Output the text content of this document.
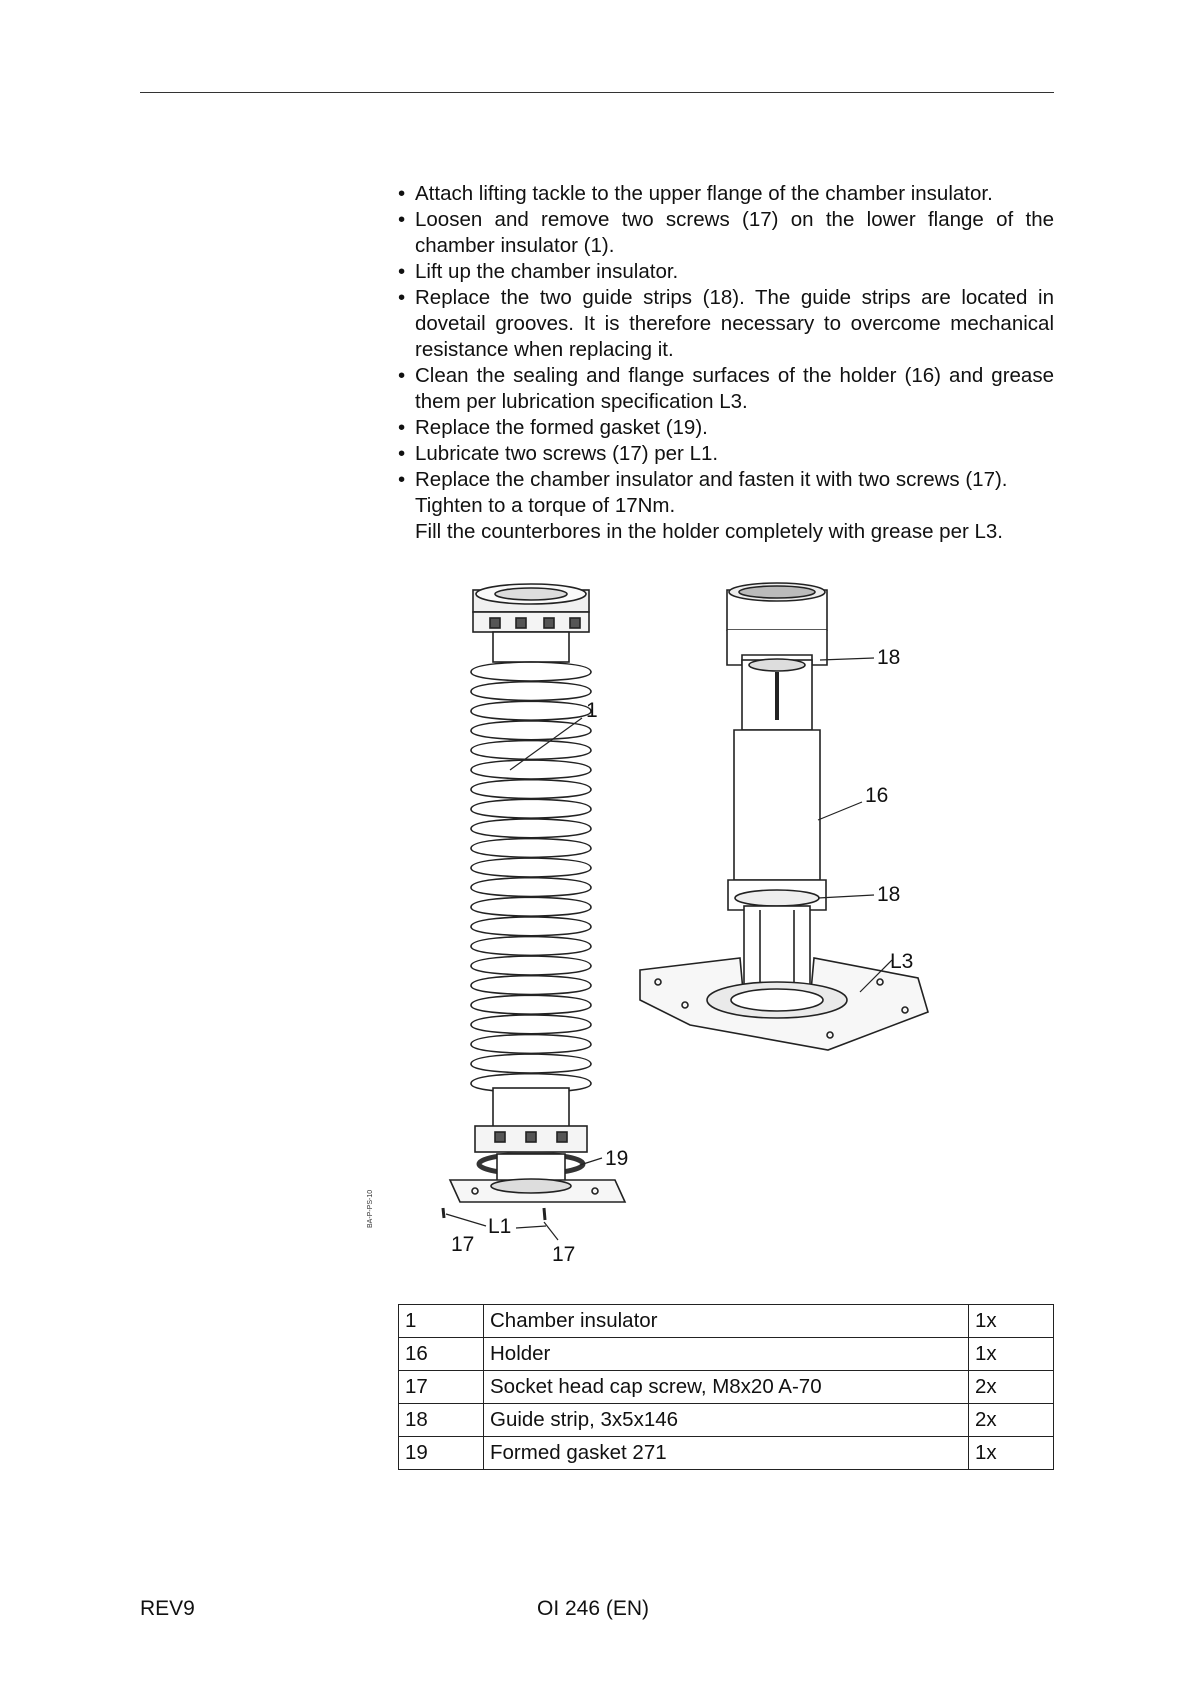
• Attach lifting tackle to the upper flange of the chamber insulator.
• Loosen and remove two screws (17) on the lower flange of the chamber insulator (1).
• Lift up the chamber insulator.
• Replace the two guide strips (18). The guide strips are located in dovetail grooves. It is therefore necessary to overcome mechanical resistance when replacing it.
• Clean the sealing and flange surfaces of the holder (16) and grease them per lubrication specification L3.
• Replace the formed gasket (19).
• Lubricate two screws (17) per L1.
• Replace the chamber insulator and fasten it with two screws (17).
Tighten to a torque of 17Nm.
Fill the counterbores in the holder completely with grease per L3.
1
18
16
18
L3
19
L1
17	17
BA-P-PS-10
1	Chamber insulator	1x
16	Holder	1x
17	Socket head cap screw, M8x20 A-70	2x
18	Guide strip, 3x5x146	2x
19	Formed gasket 271	1x
REV9	OI 246 (EN)
